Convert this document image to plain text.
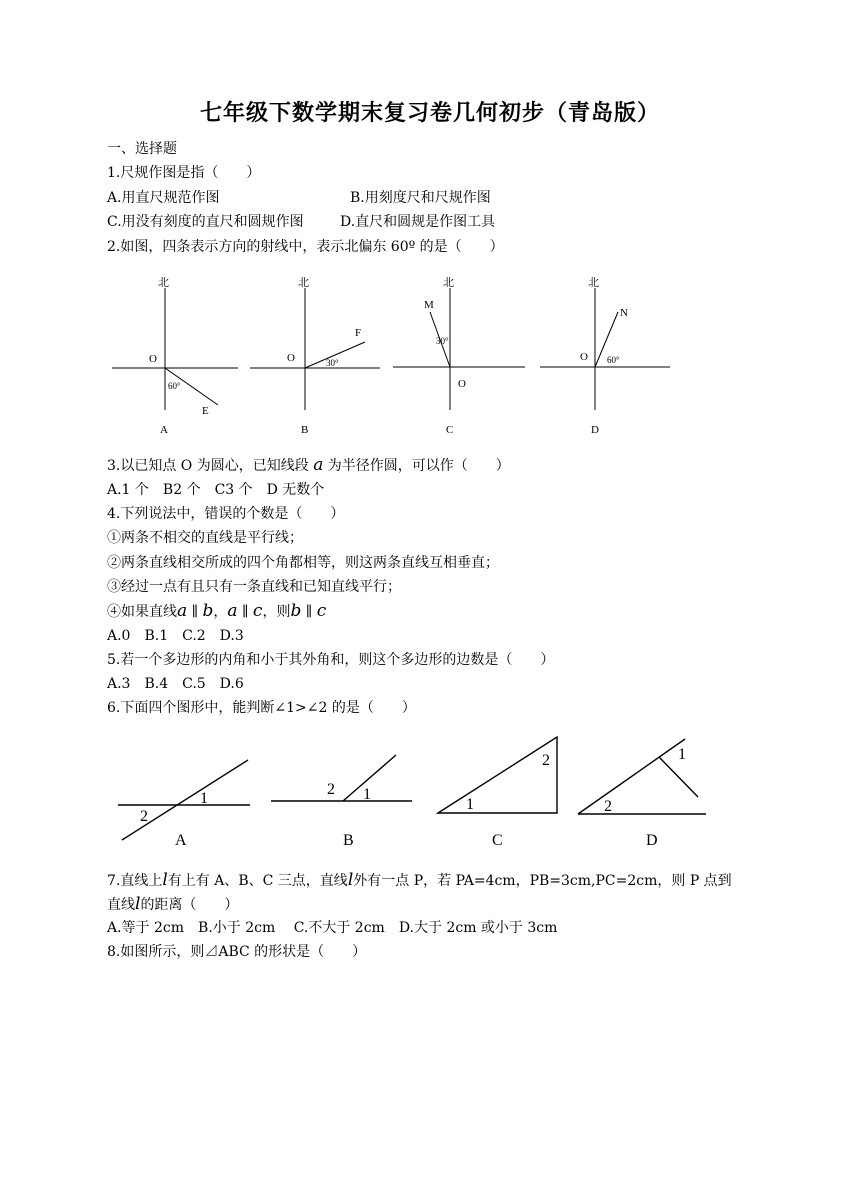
七年级下数学期末复习卷几何初步（青岛版）
一、选择题
1.尺规作图是指（　　）
A.用直尺规范作图	B.用刻度尺和尺规作图
C.用没有刻度的直尺和圆规作图	D.直尺和圆规是作图工具
2.如图，四条表示方向的射线中，表示北偏东 60º 的是（　　）
北
O
60°
E
A
北
O	30°
F
B
北
O
30°
M
C
北
O 60°
N
D
3.以已知点 O 为圆心，已知线段 a 为半径作圆，可以作（　　）
A.1 个　B2 个　C3 个　D 无数个
4.下列说法中，错误的个数是（　　）
①两条不相交的直线是平行线；
②两条直线相交所成的四个角都相等，则这两条直线互相垂直；
③经过一点有且只有一条直线和已知直线平行；
④如果直线a ∥ b，a ∥ c，则b ∥ c
A.0　B.1　C.2　D.3
5.若一个多边形的内角和小于其外角和，则这个多边形的边数是（　　）
A.3　B.4　C.5　D.6
6.下面四个图形中，能判断∠1>∠2 的是（　　）
1
2
A
1
2
B
1
2
C
1
2
D
7.直线上l有上有 A、B、C 三点，直线l外有一点 P，若 PA=4cm，PB=3cm,PC=2cm，则 P 点到
直线l的距离（　　）
A.等于 2cm　B.小于 2cm　 C.不大于 2cm　D.大于 2cm 或小于 3cm
8.如图所示，则⊿ABC 的形状是（　　）
